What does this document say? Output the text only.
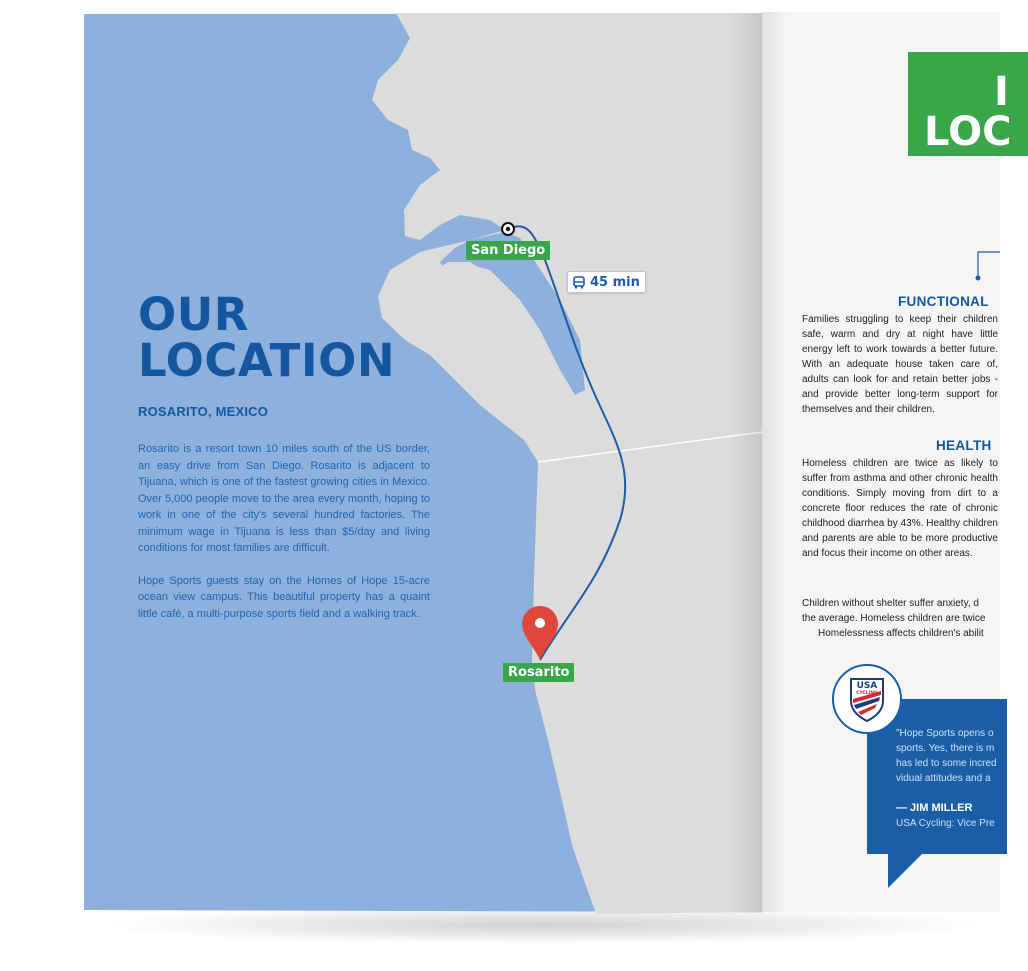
San Diego
Rosarito
45 min
OUR
LOCATION
ROSARITO, MEXICO
Rosarito is a resort town 10 miles south of the US border, an easy drive from San Diego. Rosarito is adjacent to Tijuana, which is one of the fastest growing cities in Mexico. Over 5,000 people move to the area every month, hoping to work in one of the city's several hundred factories. The minimum wage in Tijuana is less than $5/day and living conditions for most families are difficult.
Hope Sports guests stay on the Homes of Hope 15-acre ocean view campus. This beautiful property has a quaint little café, a multi-purpose sports field and a walking track.
I
LOC
FUNCTIONAL
Families struggling to keep their children safe, warm and dry at night have little energy left to work towards a better future. With an adequate house taken care of, adults can look for and retain better jobs - and provide better long-term support for themselves and their children.
HEALTH
Homeless children are twice as likely to suffer from asthma and other chronic health conditions. Simply moving from dirt to a concrete floor reduces the rate of chronic childhood diarrhea by 43%. Healthy children and parents are able to be more productive and focus their income on other areas.
Children without shelter suffer anxiety, d
the average. Homeless children are twice
Homelessness affects children's abilit
"Hope Sports opens o
sports. Yes, there is m
has led to some incred
vidual attitudes and a
— JIM MILLER
USA Cycling: Vice Pre
USA
CYCLING
